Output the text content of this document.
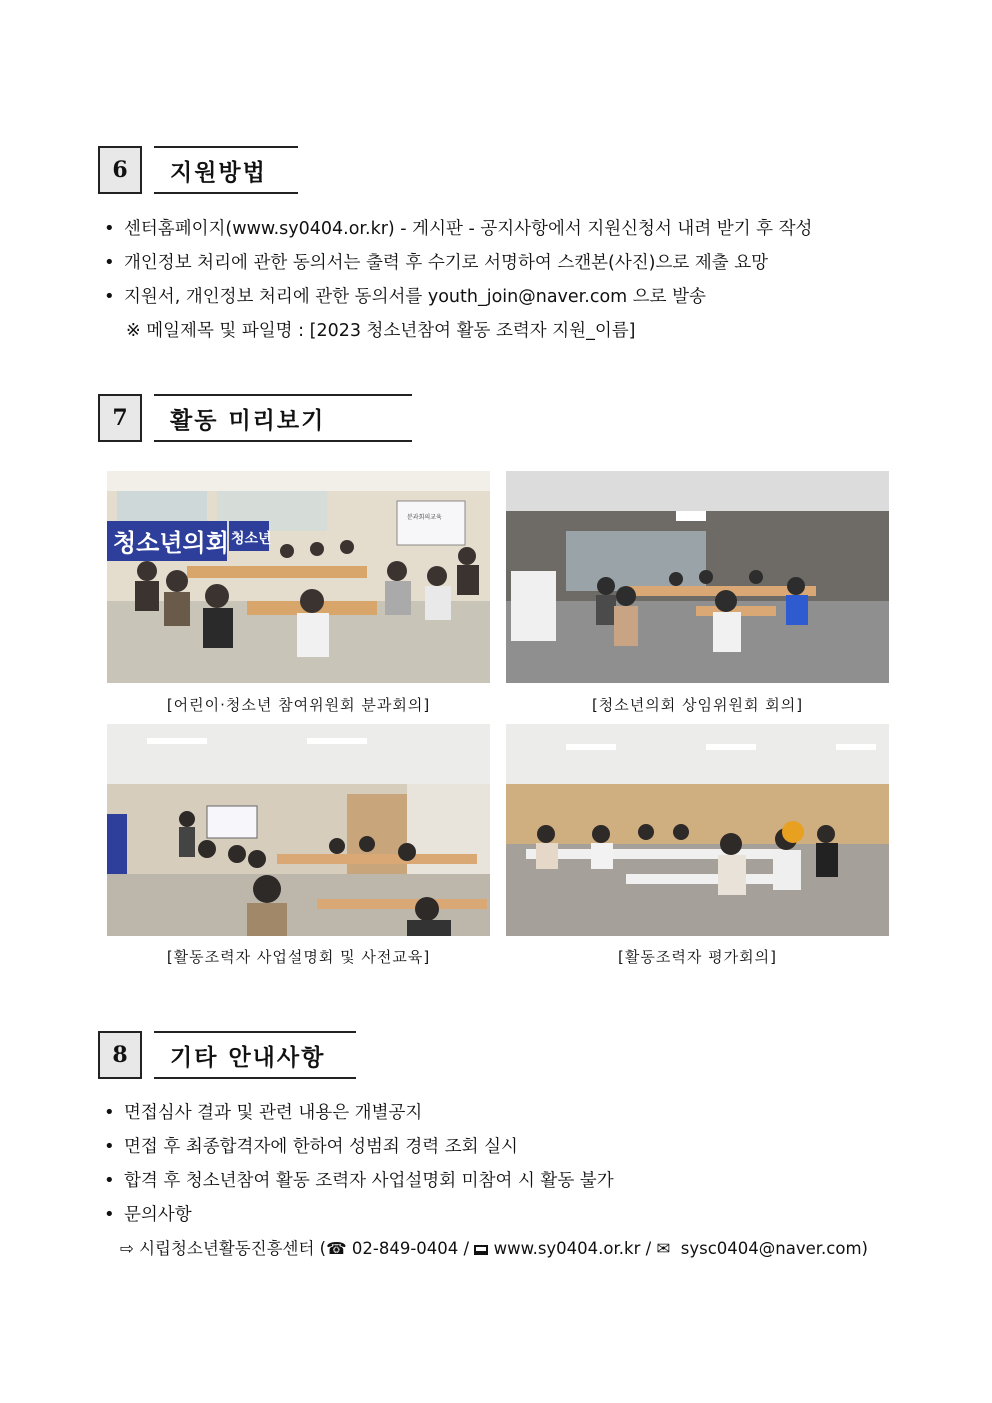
6	지원방법
• 센터홈페이지(www.sy0404.or.kr) - 게시판 - 공지사항에서 지원신청서 내려 받기 후 작성
• 개인정보 처리에 관한 동의서는 출력 후 수기로 서명하여 스캔본(사진)으로 제출 요망
• 지원서, 개인정보 처리에 관한 동의서를 youth_join@naver.com 으로 발송
※ 메일제목 및 파일명 : [2023 청소년참여 활동 조력자 지원_이름]
7	활동 미리보기
청소년의회 청소년
분과회의교육
[어린이·청소년 참여위원회 분과회의]	[청소년의회 상임위원회 회의]
[활동조력자 사업설명회 및 사전교육]	[활동조력자 평가회의]
8	기타 안내사항
• 면접심사 결과 및 관련 내용은 개별공지
• 면접 후 최종합격자에 한하여 성범죄 경력 조회 실시
• 합격 후 청소년참여 활동 조력자 사업설명회 미참여 시 활동 불가
• 문의사항
⇨ 시립청소년활동진흥센터 (☎ 02-849-0404 /  www.sy0404.or.kr / ✉ sysc0404@naver.com)
